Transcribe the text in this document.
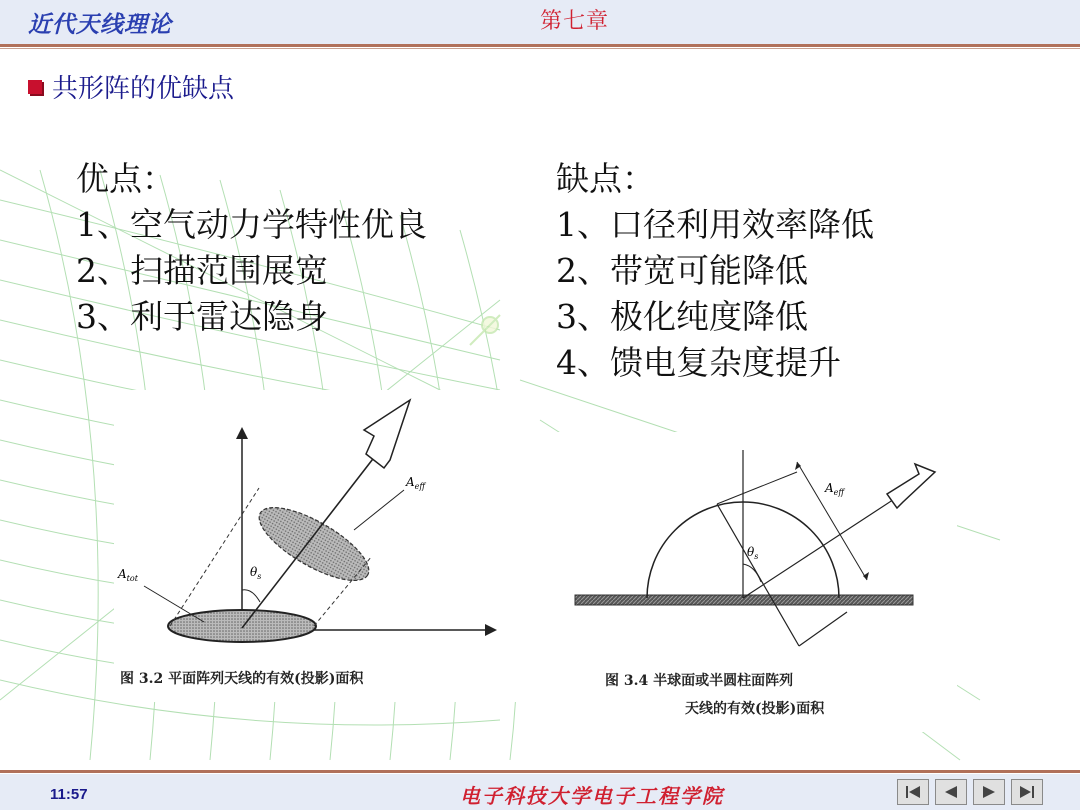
近代天线理论	第七章
共形阵的优缺点
优点：
1、空气动力学特性优良
2、扫描范围展宽
3、利于雷达隐身
缺点：
1、口径利用效率降低
2、带宽可能降低
3、极化纯度降低
4、馈电复杂度提升
$\theta_s$
$A_{eff}$
$A_{tot}$
图 3.2 平面阵列天线的有效(投影)面积
$\theta_s$
$A_{eff}$
图 3.4 半球面或半圆柱面阵列
天线的有效(投影)面积
11:57	电子科技大学电子工程学院
